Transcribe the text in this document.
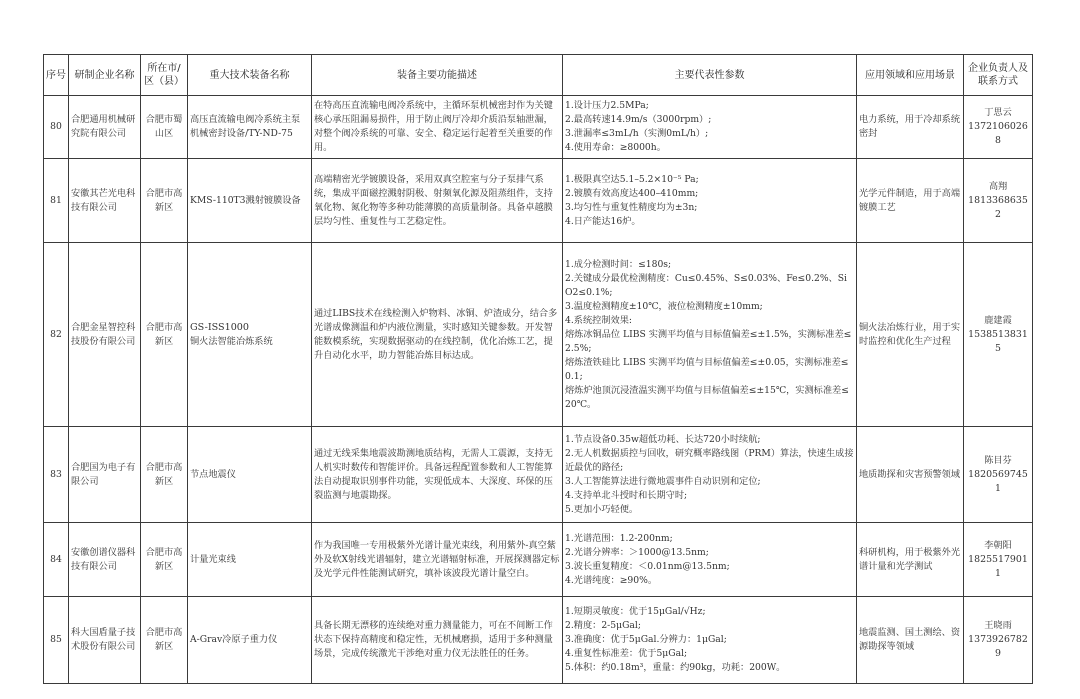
序号	研制企业名称	所在市/区（县）	重大技术装备名称	装备主要功能描述	主要代表性参数	应用领域和应用场景	企业负责人及联系方式
80	合肥通用机械研究院有限公司	合肥市蜀山区	高压直流输电阀冷系统主泵机械密封设备/TY-ND-75	在特高压直流输电阀冷系统中，主循环泵机械密封作为关键核心承压阻漏易损件，用于防止阀厅冷却介质沿泵轴泄漏，对整个阀冷系统的可靠、安全、稳定运行起着至关重要的作用。	1.设计压力2.5MPa;
2.最高转速14.9m/s（3000rpm）;
3.泄漏率≤3mL/h（实测0mL/h）;
4.使用寿命：≥8000h。	电力系统，用于冷却系统密封	丁思云
13721060268

81	安徽其芒光电科技有限公司	合肥市高新区	KMS-110T3溅射镀膜设备	高端精密光学镀膜设备，采用双真空腔室与分子泵排气系统，集成平面磁控溅射阴极、射频氧化源及阻蒸组件，支持氧化物、氮化物等多种功能薄膜的高质量制备。具备卓越膜层均匀性、重复性与工艺稳定性。	1.极限真空达5.1–5.2×10⁻⁵ Pa;
2.镀膜有效高度达400–410mm;
3.均匀性与重复性精度均为±3n;
4.日产能达16炉。	光学元件制造，用于高端镀膜工艺	高翔
18133686352

82	合肥金星智控科技股份有限公司	合肥市高新区	
GS-ISS1000
铜火法智能冶炼系统
	通过LIBS技术在线检测入炉物料、冰铜、炉渣成分，结合多光谱成像测温和炉内液位测量，实时感知关键参数。开发智能数模系统，实现数据驱动的在线控制，优化冶炼工艺，提升自动化水平，助力智能冶炼目标达成。	
1.成分检测时间：≤180s;
2.关键成分最优检测精度：Cu≤0.45%、S≤0.03%、Fe≤0.2%、SiO2≤0.1%;
3.温度检测精度±10℃，液位检测精度±10mm;
4.系统控制效果:
熔炼冰铜品位 LIBS 实测平均值与目标值偏差≤±1.5%，实测标准差≤2.5%;
熔炼渣铁硅比 LIBS 实测平均值与目标值偏差≤±0.05，实测标准差≤0.1;
熔炼炉池顶沉浸渣温实测平均值与目标值偏差≤±15℃，实测标准差≤20℃。
	铜火法冶炼行业，用于实时监控和优化生产过程	
鹿建霞
15385138315

83	合肥国为电子有限公司	合肥市高新区	节点地震仪	通过无线采集地震波勘测地质结构，无需人工震源，支持无人机实时数传和智能评价。具备远程配置参数和人工智能算法自动提取识别事件功能，实现低成本、大深度、环保的压裂监测与地震勘探。	1.节点设备0.35w超低功耗、长达720小时续航;
2.无人机数据质控与回收，研究概率路线图（PRM）算法，快速生成接近最优的路径;
3.人工智能算法进行微地震事件自动识别和定位;
4.支持单北斗授时和长期守时;
5.更加小巧轻便。	地质勘探和灾害预警领域	陈目芬
18205697451

84	安徽创谱仪器科技有限公司	合肥市高新区	计量光束线	作为我国唯一专用极紫外光谱计量光束线，利用紫外-真空紫外及软X射线光谱辐射，建立光谱辐射标准，开展探测器定标及光学元件性能测试研究，填补该波段光谱计量空白。	1.光谱范围：1.2-200nm;
2.光谱分辨率：＞1000@13.5nm;
3.波长重复精度：＜0.01nm@13.5nm;
4.光谱纯度：≥90%。	科研机构，用于极紫外光谱计量和光学测试	李朝阳
18255179011

85	科大国盾量子技术股份有限公司	合肥市高新区	A-Grav冷原子重力仪	具备长期无漂移的连续绝对重力测量能力，可在不间断工作状态下保持高精度和稳定性，无机械磨损，适用于多种测量场景，完成传统激光干涉绝对重力仪无法胜任的任务。	1.短期灵敏度：优于15μGal/√Hz;
2.精度：2-5μGal;
3.准确度：优于5μGal.分辨力：1μGal;
4.重复性标准差：优于5μGal;
5.体积：约0.18m³，重量：约90kg，功耗：200W。	地震监测、国土测绘、资源勘探等领域	王晓雨
13739267829
